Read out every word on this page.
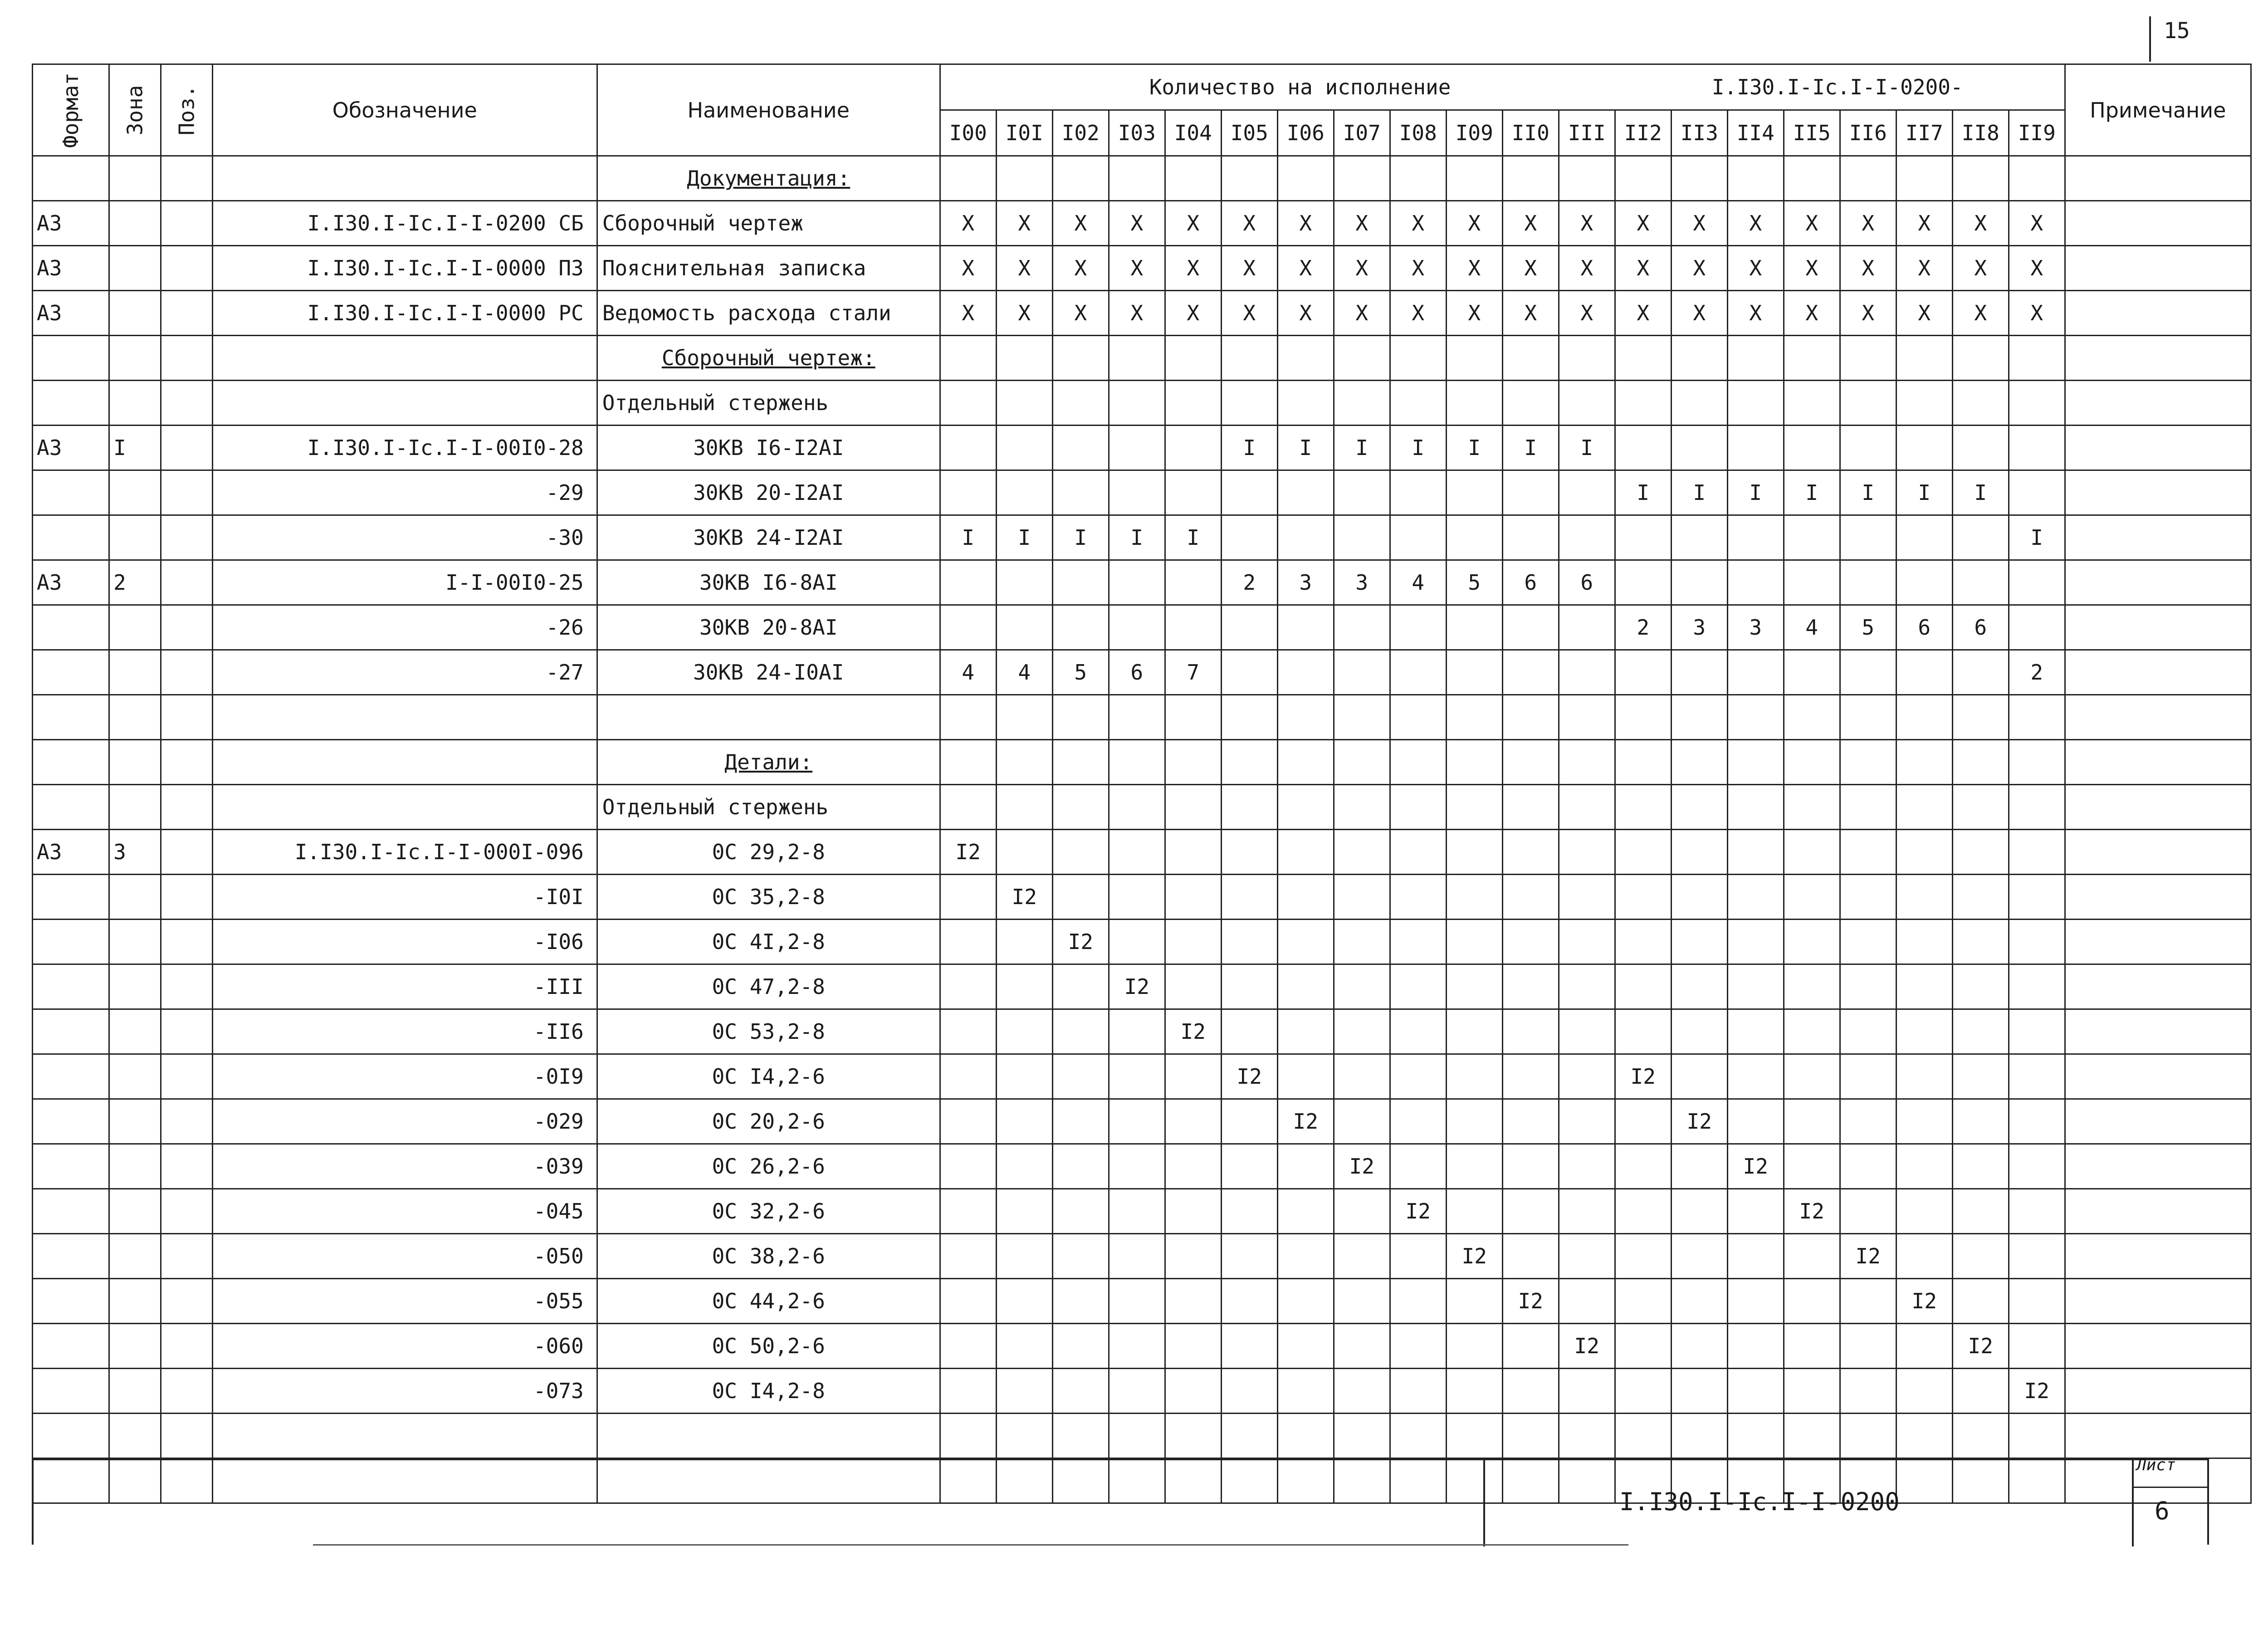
15
Формат	Зона	Поз.	Обозначение	Наименование	Количество на исполнение I.I30.I-Ic.I-I-0200-																				Примечание
					I00	I0I	I02	I03	I04	I05	I06	I07	I08	I09	II0	III	II2	II3	II4	II5	II6	II7	II8	II9	
				Документация:																					
А3			I.I30.I-Ic.I-I-0200 СБ	Сборочный чертеж	X	X	X	X	X	X	X	X	X	X	X	X	X	X	X	X	X	X	X	X	
А3			I.I30.I-Ic.I-I-0000 ПЗ	Пояснительная записка	X	X	X	X	X	X	X	X	X	X	X	X	X	X	X	X	X	X	X	X	
А3			I.I30.I-Ic.I-I-0000 РС	Ведомость расхода стали	X	X	X	X	X	X	X	X	X	X	X	X	X	X	X	X	X	X	X	X	
				Сборочный чертеж:																					
				Отдельный стержень																					
А3	I		I.I30.I-Ic.I-I-00I0-28	30КВ I6-I2AI						I	I	I	I	I	I	I									
			-29	30КВ 20-I2AI													I	I	I	I	I	I	I		
			-30	30КВ 24-I2AI	I	I	I	I	I															I	
А3	2		I-I-00I0-25	30КВ I6-8AI						2	3	3	4	5	6	6									
			-26	30КВ 20-8AI													2	3	3	4	5	6	6		
			-27	30КВ 24-I0AI	4	4	5	6	7															2	

				Детали:																					
				Отдельный стержень																					
А3	3		I.I30.I-Ic.I-I-000I-096	0С 29,2-8	I2																				
			-I0I	0С 35,2-8		I2																			
			-I06	0С 4I,2-8			I2																		
			-III	0С 47,2-8				I2																	
			-II6	0С 53,2-8					I2																
			-0I9	0С I4,2-6						I2							I2								
			-029	0С 20,2-6							I2							I2							
			-039	0С 26,2-6								I2							I2						
			-045	0С 32,2-6									I2							I2					
			-050	0С 38,2-6										I2							I2				
			-055	0С 44,2-6											I2							I2			
			-060	0С 50,2-6												I2							I2		
			-073	0С I4,2-8																				I2	

I.I30.I-Ic.I-I-0200
Лист
6
